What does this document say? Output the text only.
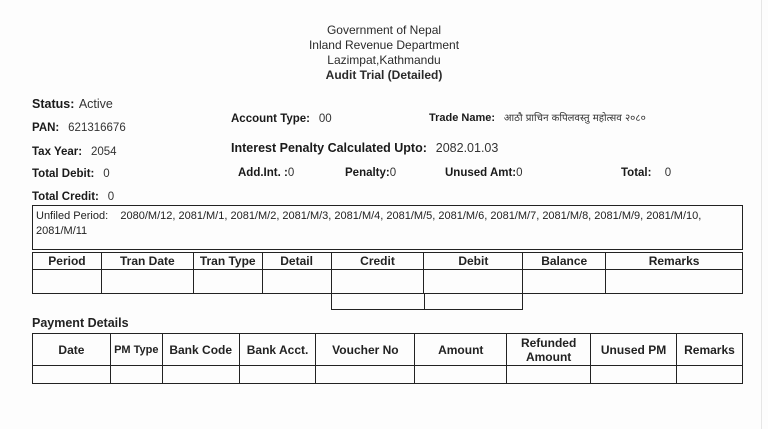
Government of Nepal
Inland Revenue Department
Lazimpat,Kathmandu
Audit Trial (Detailed)
Status: Active
PAN: 621316676
Account Type: 00	Trade Name: आठौ प्राचिन कपिलवस्तु महोत्सव २०८०
Tax Year: 2054	Interest Penalty Calculated Upto: 2082.01.03
Total Debit: 0	Add.Int. :0	Penalty:0	Unused Amt:0	Total: 0
Total Credit: 0
Unfiled Period: 2080/M/12, 2081/M/1, 2081/M/2, 2081/M/3, 2081/M/4, 2081/M/5, 2081/M/6, 2081/M/7, 2081/M/8, 2081/M/9, 2081/M/10,
2081/M/11
Period	Tran Date	Tran Type	Detail	Credit	Debit	Balance	Remarks

Payment Details
Date	PM Type	Bank Code	Bank Acct.	Voucher No	Amount	Refunded Amount	Unused PM	Remarks
